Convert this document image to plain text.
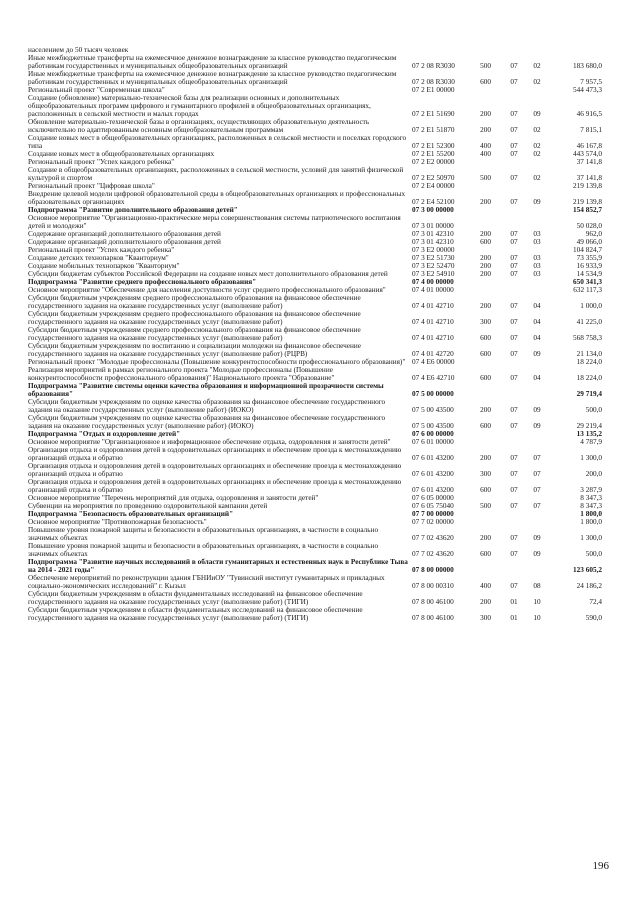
населением до 50 тысяч человек					
Иные межбюджетные трансферты на ежемесячное денежное вознаграждение за классное руководство педагогическим работникам государственных и муниципальных общеобразовательных организаций	07 2 08 R3030	500	07	02	183 680,0
Иные межбюджетные трансферты на ежемесячное денежное вознаграждение за классное руководство педагогическим работникам государственных и муниципальных общеобразовательных организаций	07 2 08 R3030	600	07	02	7 957,5
Региональный проект "Современная школа"	07 2 E1 00000				544 473,3
Создание (обновление) материально-технической базы для реализации основных и дополнительных общеобразовательных программ цифрового и гуманитарного профилей в общеобразовательных организациях, расположенных в сельской местности и малых городах	07 2 E1 51690	200	07	09	46 916,5
Обновление материально-технической базы в организациях, осуществляющих образовательную деятельность исключительно по адаптированным основным общеобразовательным программам	07 2 E1 51870	200	07	02	7 815,1
Создание новых мест в общеобразовательных организациях, расположенных в сельской местности и поселках городского типа	07 2 E1 52300	400	07	02	46 167,8
Создание новых мест в общеобразовательных организациях	07 2 E1 55200	400	07	02	443 574,0
Региональный проект "Успех каждого ребенка"	07 2 E2 00000				37 141,8
Создание в общеобразовательных организациях, расположенных в сельской местности, условий для занятий физической культурой и спортом	07 2 E2 50970	500	07	02	37 141,8
Региональный проект "Цифровая школа"	07 2 E4 00000				219 139,8
Внедрение целевой модели цифровой образовательной среды в общеобразовательных организациях и профессиональных образовательных организациях	07 2 E4 52100	200	07	09	219 139,8
Подпрограмма "Развитие дополнительного образования детей"	07 3 00 00000				154 852,7
Основное мероприятие "Организационно-практические меры совершенствования системы патриотического воспитания детей и молодежи"	07 3 01 00000				50 028,0
Содержание организаций дополнительного образования детей	07 3 01 42310	200	07	03	962,0
Содержание организаций дополнительного образования детей	07 3 01 42310	600	07	03	49 066,0
Региональный проект "Успех каждого ребенка"	07 3 E2 00000				104 824,7
Создание детских технопарков "Кванториум"	07 3 E2 51730	200	07	03	73 355,9
Создание мобильных технопарков "Кванториум"	07 3 E2 52470	200	07	03	16 933,9
Субсидии бюджетам субъектов Российской Федерации на создание новых мест дополнительного образования детей	07 3 E2 54910	200	07	03	14 534,9
Подпрограмма "Развитие среднего профессионального образования"	07 4 00 00000				650 341,3
Основное мероприятие "Обеспечение для населения доступности услуг среднего профессионального образования"	07 4 01 00000				632 117,3
Субсидии бюджетным учреждениям среднего профессионального образования на финансовое обеспечение государственного задания на оказание государственных услуг (выполнение работ)	07 4 01 42710	200	07	04	1 000,0
Субсидии бюджетным учреждениям среднего профессионального образования на финансовое обеспечение государственного задания на оказание государственных услуг (выполнение работ)	07 4 01 42710	300	07	04	41 225,0
Субсидии бюджетным учреждениям среднего профессионального образования на финансовое обеспечение государственного задания на оказание государственных услуг (выполнение работ)	07 4 01 42710	600	07	04	568 758,3
Субсидии бюджетным учреждениям по воспитанию и социализации молодежи на финансовое обеспечение государственного задания на оказание государственных услуг (выполнение работ) (РЦРВ)	07 4 01 42720	600	07	09	21 134,0
Региональный проект "Молодые профессионалы (Повышение конкурентоспособности профессионального образования)"	07 4 E6 00000				18 224,0
Реализация мероприятий в рамках регионального проекта "Молодые профессионалы (Повышение конкурентоспособности профессионального образования)" Национального проекта "Образование"	07 4 E6 42710	600	07	04	18 224,0
Подпрограмма "Развитие системы оценки качества образования и информационной прозрачности системы образования"	07 5 00 00000				29 719,4
Субсидии бюджетным учреждениям по оценке качества образования на финансовое обеспечение государственного задания на оказание государственных услуг (выполнение работ) (ИОКО)	07 5 00 43500	200	07	09	500,0
Субсидии бюджетным учреждениям по оценке качества образования на финансовое обеспечение государственного задания на оказание государственных услуг (выполнение работ) (ИОКО)	07 5 00 43500	600	07	09	29 219,4
Подпрограмма "Отдых и оздоровление детей"	07 6 00 00000				13 135,2
Основное мероприятие "Организационное и информационное обеспечение отдыха, оздоровления и занятости детей"	07 6 01 00000				4 787,9
Организация отдыха и оздоровления детей в оздоровительных организациях и обеспечение проезда к местонахождению организаций отдыха и обратно	07 6 01 43200	200	07	07	1 300,0
Организация отдыха и оздоровления детей в оздоровительных организациях и обеспечение проезда к местонахождению организаций отдыха и обратно	07 6 01 43200	300	07	07	200,0
Организация отдыха и оздоровления детей в оздоровительных организациях и обеспечение проезда к местонахождению организаций отдыха и обратно	07 6 01 43200	600	07	07	3 287,9
Основное мероприятие "Перечень мероприятий для отдыха, оздоровления и занятости детей"	07 6 05 00000				8 347,3
Субвенции на мероприятия по проведению оздоровительной кампании детей	07 6 05 75040	500	07	07	8 347,3
Подпрограмма "Безопасность образовательных организаций"	07 7 00 00000				1 800,0
Основное мероприятие "Противопожарная безопасность"	07 7 02 00000				1 800,0
Повышение уровня пожарной защиты и безопасности в образовательных организациях, в частности в социально значимых объектах	07 7 02 43620	200	07	09	1 300,0
Повышение уровня пожарной защиты и безопасности в образовательных организациях, в частности в социально значимых объектах	07 7 02 43620	600	07	09	500,0
Подпрограмма "Развитие научных исследований в области гуманитарных и естественных наук в Республике Тыва на 2014 - 2021 годы"	07 8 00 00000				123 605,2
Обеспечение мероприятий по реконструкции здания ГБНИиОУ "Тувинский институт гуманитарных и прикладных социально-экономических исследований" г. Кызыл	07 8 00 00310	400	07	08	24 186,2
Субсидии бюджетным учреждениям в области фундаментальных исследований на финансовое обеспечение государственного задания на оказание государственных услуг (выполнение работ) (ТИГИ)	07 8 00 46100	200	01	10	72,4
Субсидии бюджетным учреждениям в области фундаментальных исследований на финансовое обеспечение государственного задания на оказание государственных услуг (выполнение работ) (ТИГИ)	07 8 00 46100	300	01	10	590,0
196
